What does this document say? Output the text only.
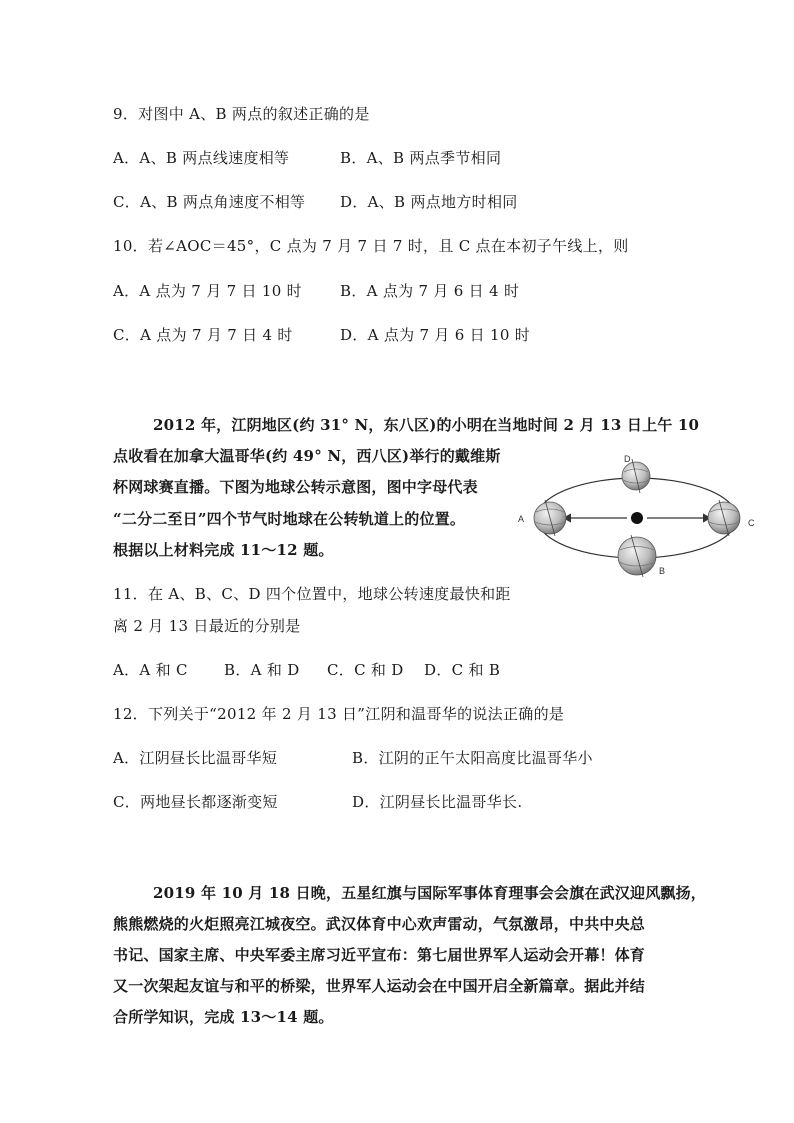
9．对图中 A、B 两点的叙述正确的是
A．A、B 两点线速度相等	B．A、B 两点季节相同
C．A、B 两点角速度不相等 D．A、B 两点地方时相同
10．若∠AOC＝45°，C 点为 7 月 7 日 7 时，且 C 点在本初子午线上，则
A．A 点为 7 月 7 日 10 时	B．A 点为 7 月 6 日 4 时
C．A 点为 7 月 7 日 4 时	D．A 点为 7 月 6 日 10 时
2012 年，江阴地区(约 31° N，东八区)的小明在当地时间 2 月 13 日上午 10
点收看在加拿大温哥华(约 49° N，西八区)举行的戴维斯
杯网球赛直播。下图为地球公转示意图，图中字母代表
“二分二至日”四个节气时地球在公转轨道上的位置。
根据以上材料完成 11～12 题。
A
B
C
D
11．在 A、B、C、D 四个位置中，地球公转速度最快和距
离 2 月 13 日最近的分别是
A．A 和 C B．A 和 D C．C 和 D D．C 和 B
12．下列关于“2012 年 2 月 13 日”江阴和温哥华的说法正确的是
A．江阴昼长比温哥华短	B．江阴的正午太阳高度比温哥华小
C．两地昼长都逐渐变短	D．江阴昼长比温哥华长.
2019 年 10 月 18 日晚，五星红旗与国际军事体育理事会会旗在武汉迎风飘扬，
熊熊燃烧的火炬照亮江城夜空。武汉体育中心欢声雷动，气氛激昂，中共中央总
书记、国家主席、中央军委主席习近平宣布：第七届世界军人运动会开幕！体育
又一次架起友谊与和平的桥梁，世界军人运动会在中国开启全新篇章。据此并结
合所学知识，完成 13～14 题。
